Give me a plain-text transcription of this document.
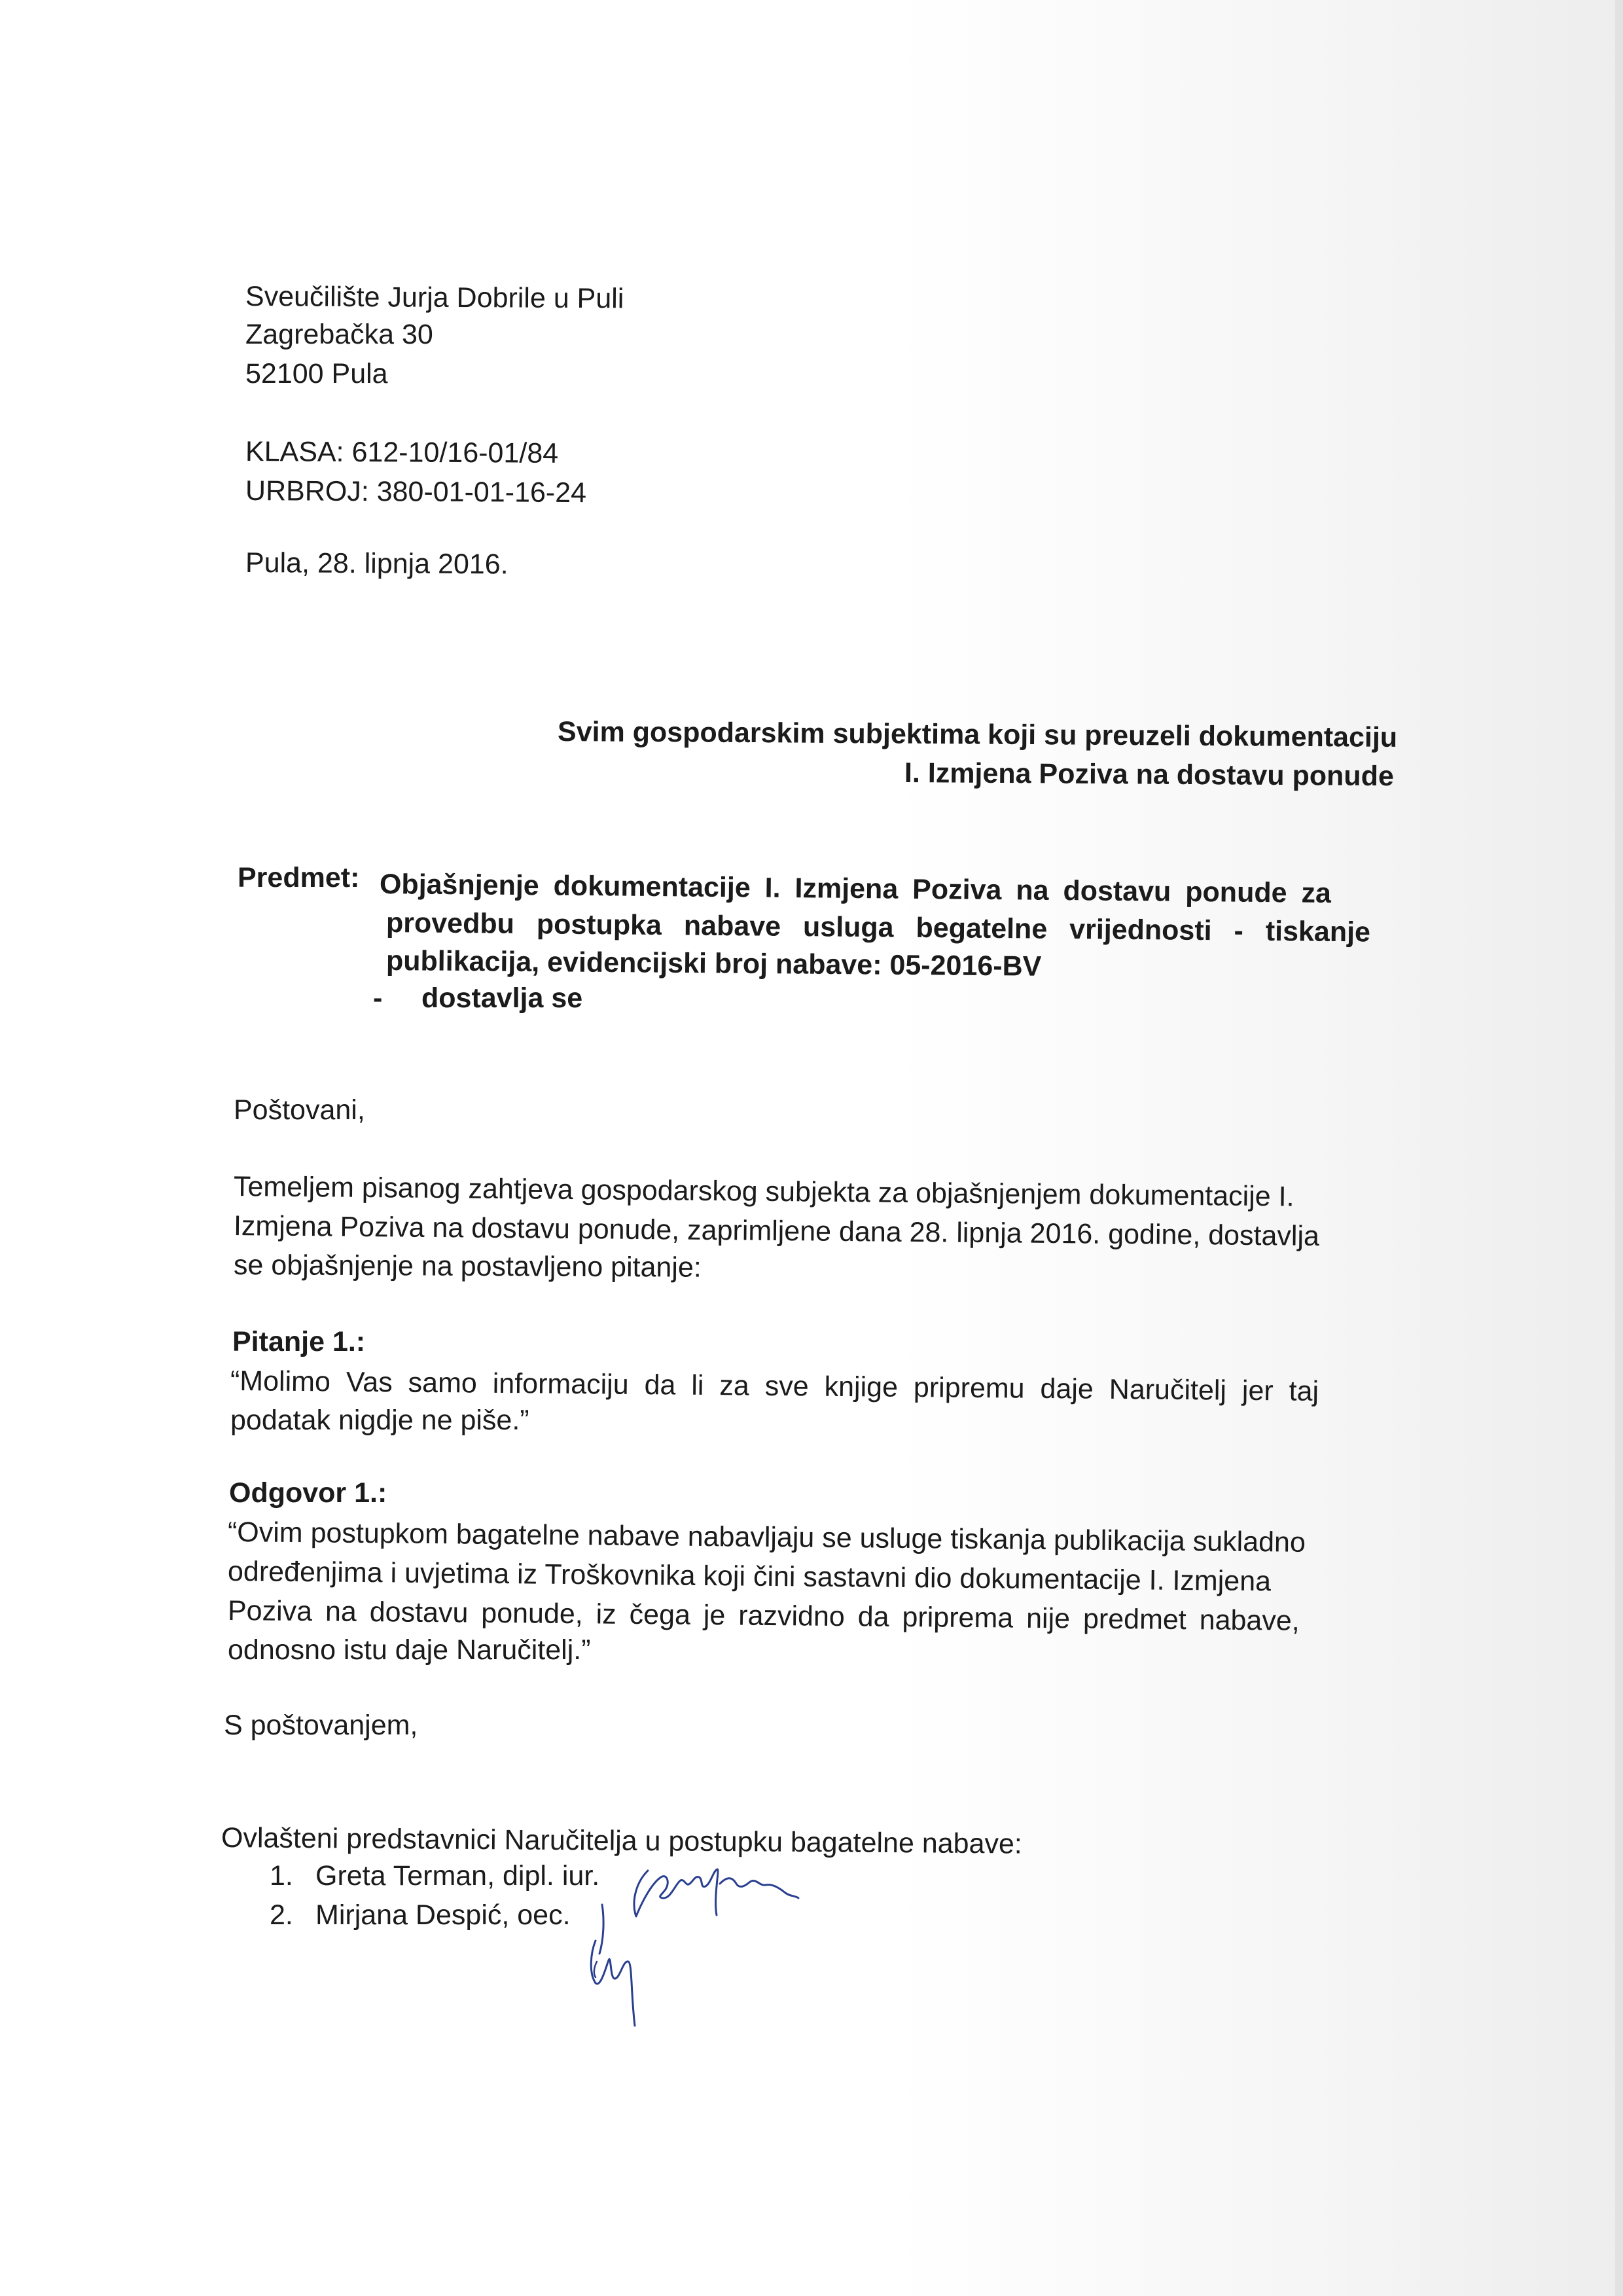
Sveučilište Jurja Dobrile u Puli
Zagrebačka 30
52100 Pula
KLASA: 612-10/16-01/84
URBROJ: 380-01-01-16-24
Pula, 28. lipnja 2016.
Svim gospodarskim subjektima koji su preuzeli dokumentaciju
I. Izmjena Poziva na dostavu ponude
Predmet: Objašnjenje dokumentacije I. Izmjena Poziva na dostavu ponude za
provedbu postupka nabave usluga begatelne vrijednosti - tiskanje
publikacija, evidencijski broj nabave: 05-2016-BV
- dostavlja se
Poštovani,
Temeljem pisanog zahtjeva gospodarskog subjekta za objašnjenjem dokumentacije I.
Izmjena Poziva na dostavu ponude, zaprimljene dana 28. lipnja 2016. godine, dostavlja
se objašnjenje na postavljeno pitanje:
Pitanje 1.:
“Molimo Vas samo informaciju da li za sve knjige pripremu daje Naručitelj jer taj
podatak nigdje ne piše.”
Odgovor 1.:
“Ovim postupkom bagatelne nabave nabavljaju se usluge tiskanja publikacija sukladno
određenjima i uvjetima iz Troškovnika koji čini sastavni dio dokumentacije I. Izmjena
Poziva na dostavu ponude, iz čega je razvidno da priprema nije predmet nabave,
odnosno istu daje Naručitelj.”
S poštovanjem,
Ovlašteni predstavnici Naručitelja u postupku bagatelne nabave:
1. Greta Terman, dipl. iur.
2. Mirjana Despić, oec.
